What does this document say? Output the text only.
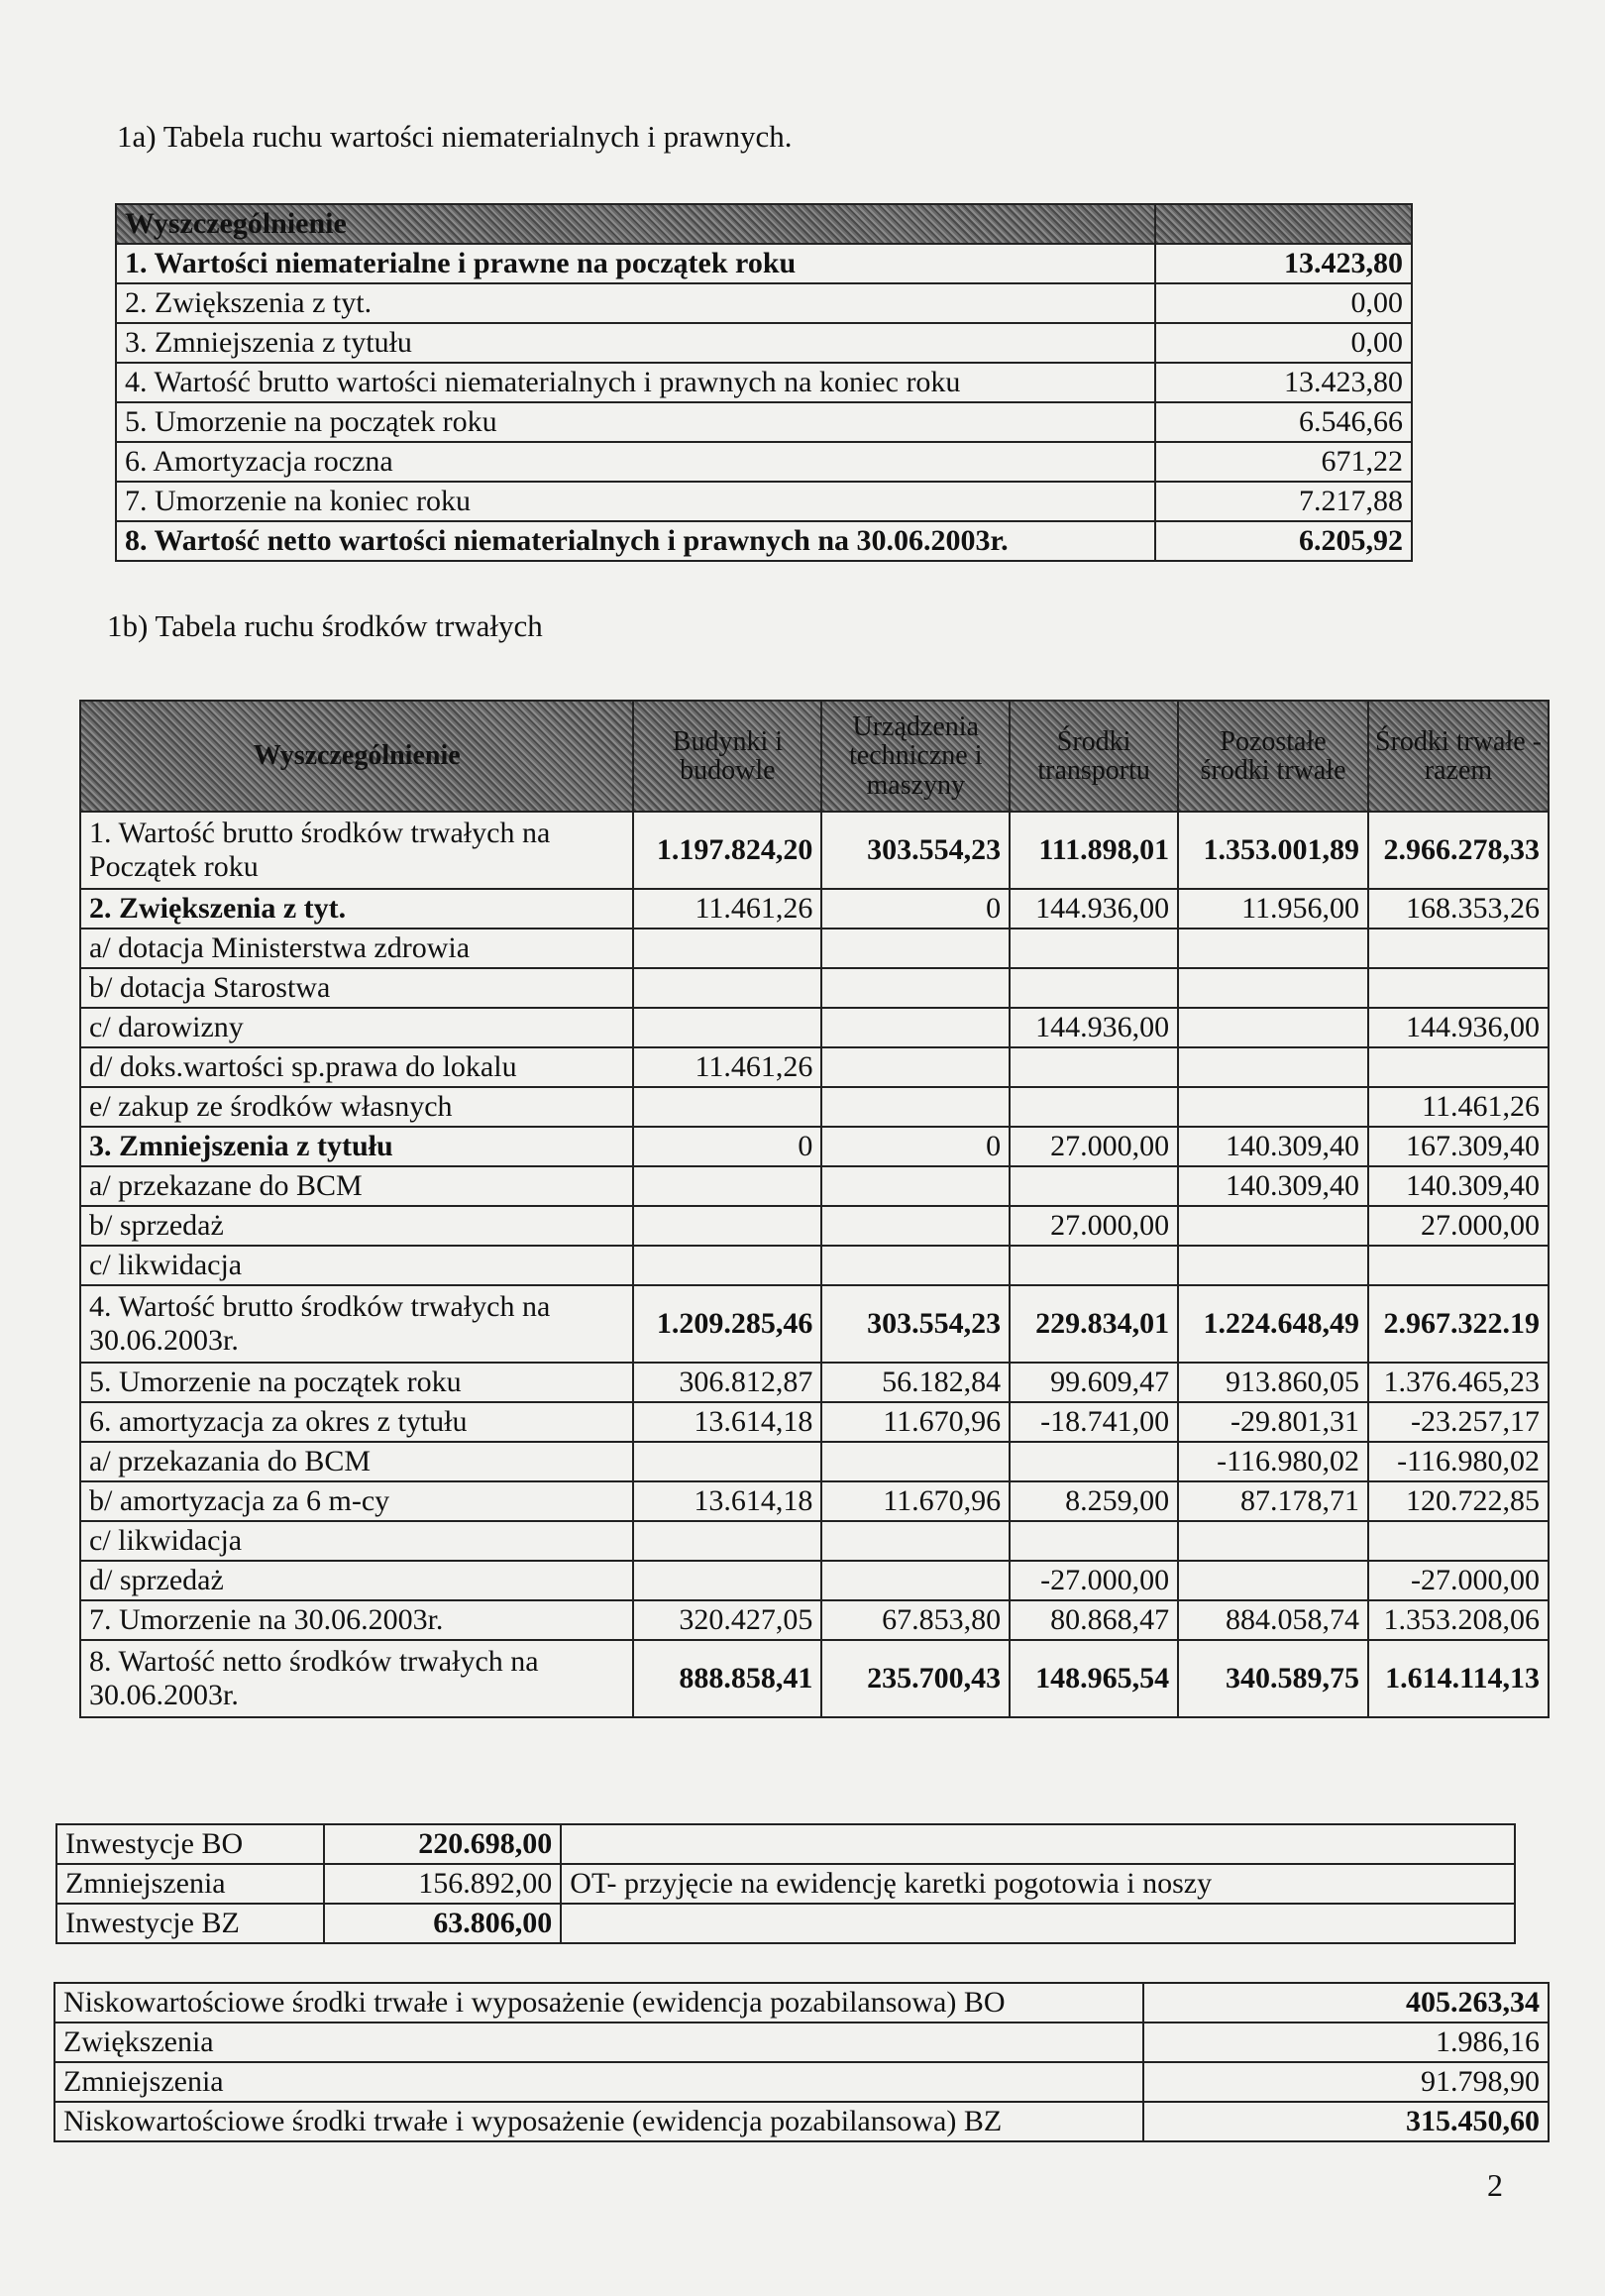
1a) Tabela ruchu wartości niematerialnych i prawnych.
Wyszczególnienie	
1. Wartości niematerialne i prawne na początek roku	13.423,80
2. Zwiększenia z tyt.	0,00
3. Zmniejszenia z tytułu	0,00
4. Wartość brutto wartości niematerialnych i prawnych na koniec roku	13.423,80
5. Umorzenie na początek roku	6.546,66
6. Amortyzacja roczna	671,22
7. Umorzenie na koniec roku	7.217,88
8. Wartość netto wartości niematerialnych i prawnych na 30.06.2003r.	6.205,92
1b) Tabela ruchu środków trwałych
Wyszczególnienie	Budynki i budowle	Urządzenia techniczne i maszyny	Środki transportu	Pozostałe środki trwałe	Środki trwałe - razem
1. Wartość brutto środków trwałych na Początek roku	1.197.824,20	303.554,23	111.898,01	1.353.001,89	2.966.278,33
2. Zwiększenia z tyt.	11.461,26	0	144.936,00	11.956,00	168.353,26
a/ dotacja Ministerstwa zdrowia					
b/ dotacja Starostwa					
c/ darowizny			144.936,00		144.936,00
d/ doks.wartości sp.prawa do lokalu	11.461,26				
e/ zakup ze środków własnych					11.461,26
3. Zmniejszenia z tytułu	0	0	27.000,00	140.309,40	167.309,40
a/ przekazane do BCM				140.309,40	140.309,40
b/ sprzedaż			27.000,00		27.000,00
c/ likwidacja					
4. Wartość brutto środków trwałych na 30.06.2003r.	1.209.285,46	303.554,23	229.834,01	1.224.648,49	2.967.322.19
5. Umorzenie na początek roku	306.812,87	56.182,84	99.609,47	913.860,05	1.376.465,23
6. amortyzacja za okres z tytułu	13.614,18	11.670,96	-18.741,00	-29.801,31	-23.257,17
a/ przekazania do BCM				-116.980,02	-116.980,02
b/ amortyzacja za 6 m-cy	13.614,18	11.670,96	8.259,00	87.178,71	120.722,85
c/ likwidacja					
d/ sprzedaż			-27.000,00		-27.000,00
7. Umorzenie na 30.06.2003r.	320.427,05	67.853,80	80.868,47	884.058,74	1.353.208,06
8. Wartość netto środków trwałych na 30.06.2003r.	888.858,41	235.700,43	148.965,54	340.589,75	1.614.114,13
Inwestycje BO	220.698,00	
Zmniejszenia	156.892,00	OT- przyjęcie na ewidencję karetki pogotowia i noszy
Inwestycje BZ	63.806,00	
Niskowartościowe środki trwałe i wyposażenie (ewidencja pozabilansowa) BO	405.263,34
Zwiększenia	1.986,16
Zmniejszenia	91.798,90
Niskowartościowe środki trwałe i wyposażenie (ewidencja pozabilansowa) BZ	315.450,60
2
